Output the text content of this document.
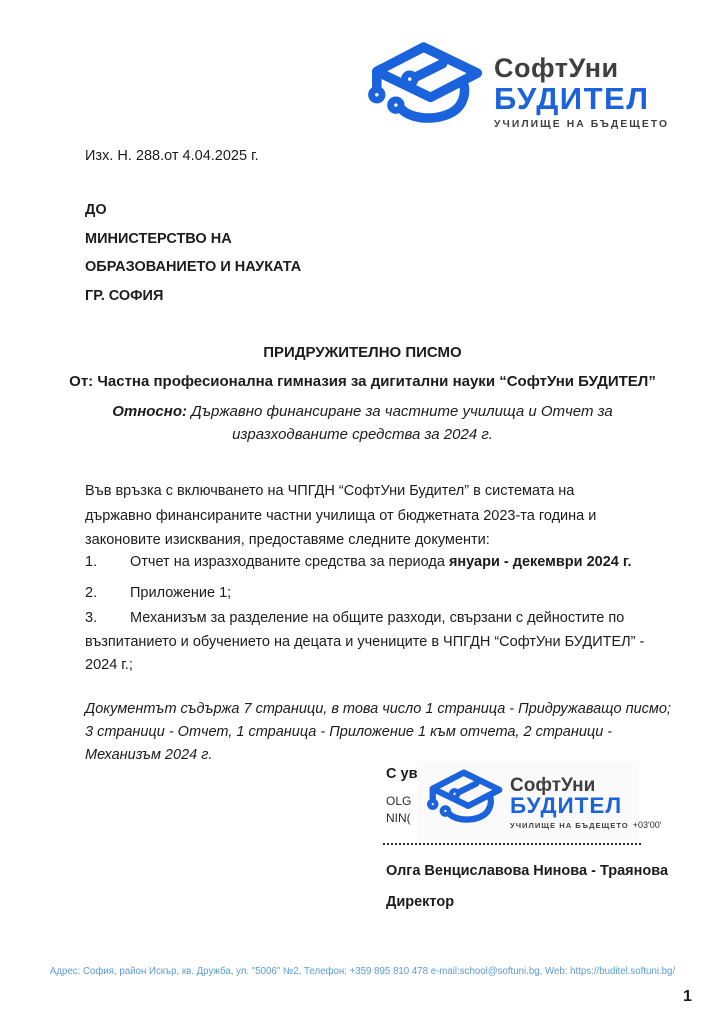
СофтУни
БУДИТЕЛ
УЧИЛИЩЕ НА БЪДЕЩЕТО
Изх. Н. 288.от 4.04.2025 г.
ДО
МИНИСТЕРСТВО НА
ОБРАЗОВАНИЕТО И НАУКАТА
ГР. СОФИЯ
ПРИДРУЖИТЕЛНО ПИСМО
От: Частна професионална гимназия за дигитални науки “СофтУни БУДИТЕЛ”
Относно: Държавно финансиране за частните училища и Отчет за изразходваните средства за 2024 г.
Във връзка с включването на ЧПГДН “СофтУни Будител” в системата на държавно финансираните частни училища от бюджетната 2023-та година и законовите изисквания, предоставяме следните документи:
1. Отчет на изразходваните средства за периода януари - декември 2024 г.
2. Приложение 1;
3. Механизъм за разделение на общите разходи, свързани с дейностите по възпитанието и обучението на децата и учениците в ЧПГДН “СофтУни БУДИТЕЛ” - 2024 г.;
Документът съдържа 7 страници, в това число 1 страница - Придружаващо писмо; 3 страници - Отчет, 1 страница - Приложение 1 към отчета, 2 страници - Механизъм 2024 г.
С ув
OLG
NIN(
СофтУни
БУДИТЕЛ
УЧИЛИЩЕ НА БЪДЕЩЕТО +03'00'
Олга Венциславова Нинова - Траянова
Директор
Адрес: София, район Искър, кв. Дружба, ул. "5006" №2, Телефон: +359 895 810 478 e-mail:school@softuni.bg, Web: https://buditel.softuni.bg/
1
